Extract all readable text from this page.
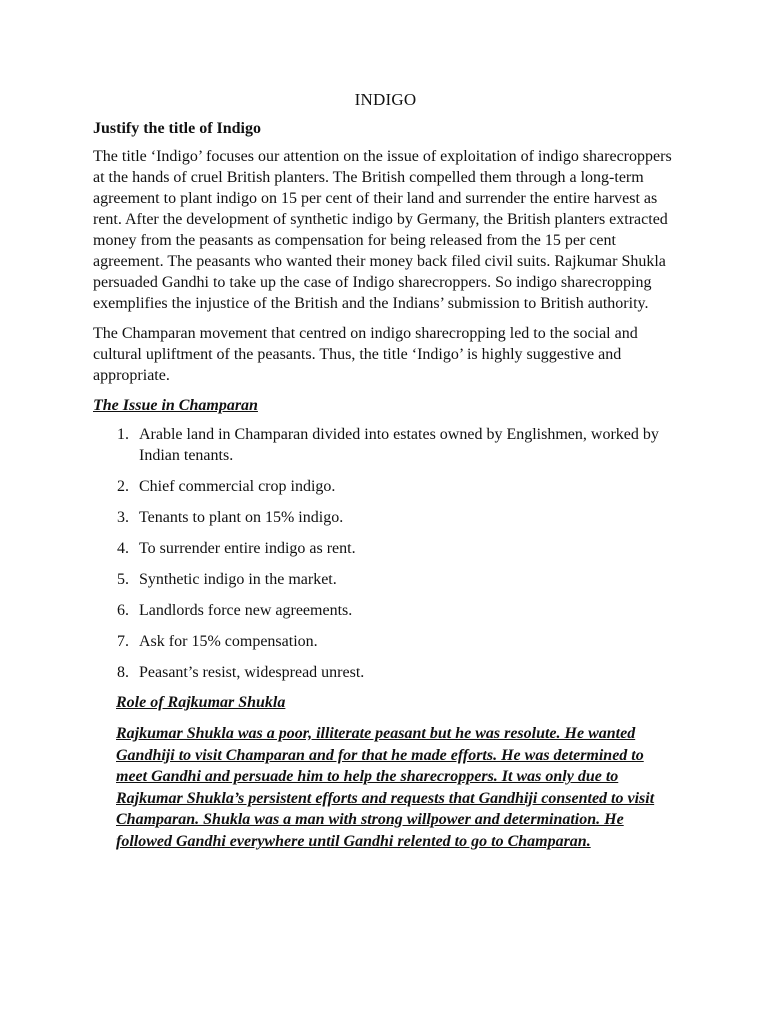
INDIGO
Justify the title of Indigo

The title ‘Indigo’ focuses our attention on the issue of exploitation of indigo sharecroppers at the hands of cruel British planters. The British compelled them through a long-term agreement to plant indigo on 15 per cent of their land and surrender the entire harvest as rent. After the development of synthetic indigo by Germany, the British planters extracted money from the peasants as compensation for being released from the 15 per cent agreement. The peasants who wanted their money back filed civil suits. Rajkumar Shukla persuaded Gandhi to take up the case of Indigo sharecroppers. So indigo sharecropping exemplifies the injustice of the British and the Indians’ submission to British authority.

The Champaran movement that centred on indigo sharecropping led to the social and cultural upliftment of the peasants. Thus, the title ‘Indigo’ is highly suggestive and appropriate.

The Issue in Champaran
1. Arable land in Champaran divided into estates owned by Englishmen, worked by Indian tenants.
2. Chief commercial crop indigo.
3. Tenants to plant on 15% indigo.
4. To surrender entire indigo as rent.
5. Synthetic indigo in the market.
6. Landlords force new agreements.
7. Ask for 15% compensation.
8. Peasant’s resist, widespread unrest.
Role of Rajkumar Shukla

Rajkumar Shukla was a poor, illiterate peasant but he was resolute. He wanted Gandhiji to visit Champaran and for that he made efforts. He was determined to meet Gandhi and persuade him to help the sharecroppers. It was only due to Rajkumar Shukla’s persistent efforts and requests that Gandhiji consented to visit Champaran. Shukla was a man with strong willpower and determination. He followed Gandhi everywhere until Gandhi relented to go to Champaran.
